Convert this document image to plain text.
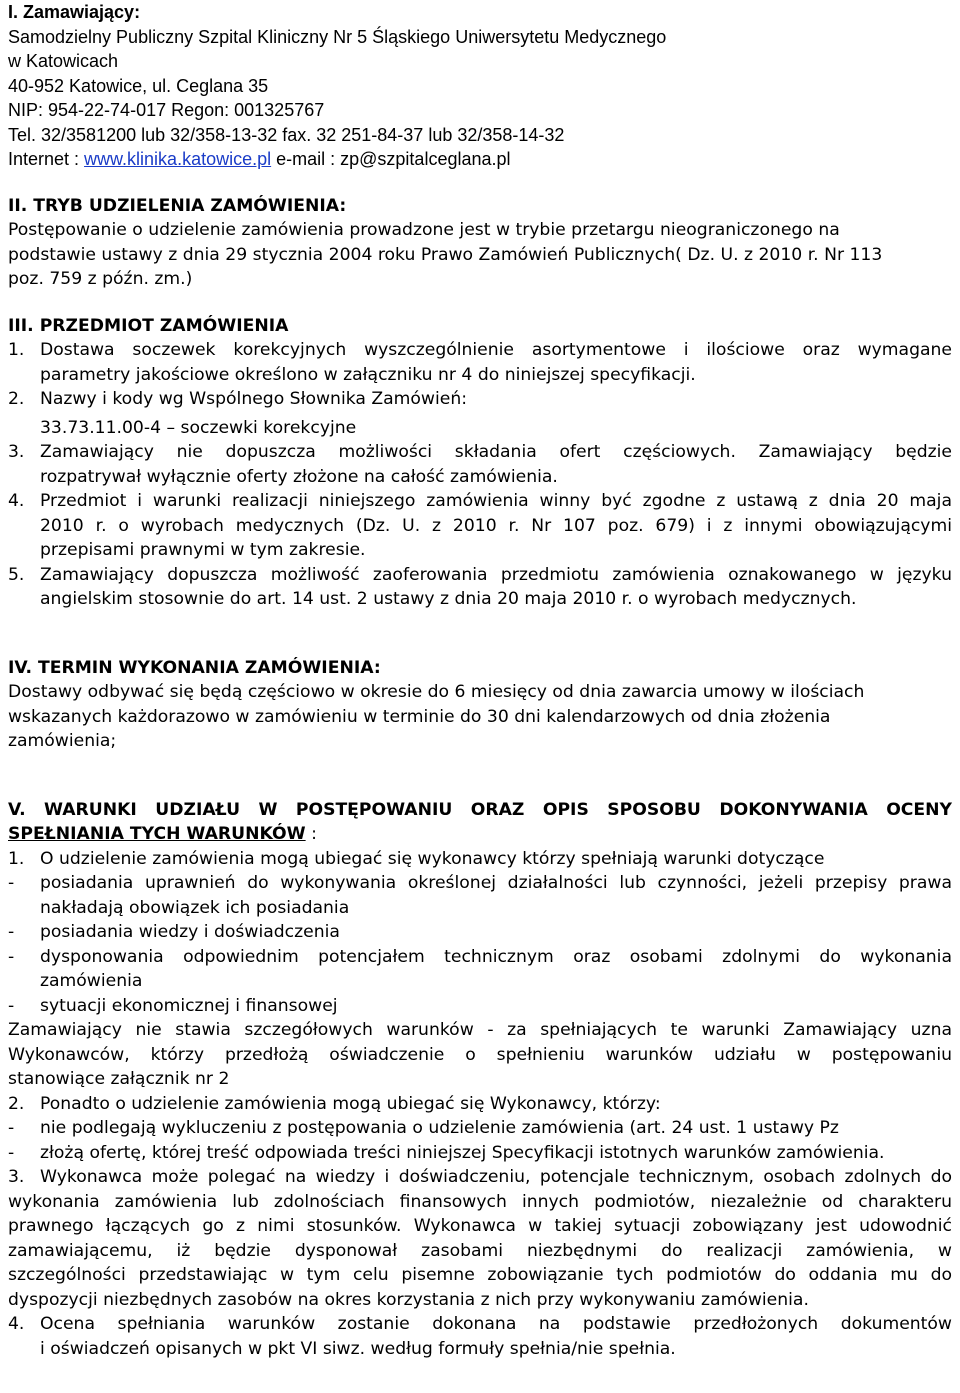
I. Zamawiający:

Samodzielny Publiczny Szpital Kliniczny Nr 5 Śląskiego Uniwersytetu Medycznego

w Katowicach

40-952 Katowice, ul. Ceglana 35

NIP: 954-22-74-017 Regon: 001325767

Tel. 32/3581200 lub 32/358-13-32 fax. 32 251-84-37 lub 32/358-14-32

Internet : www.klinika.katowice.pl e-mail : zp@szpitalceglana.pl

II. TRYB UDZIELENIA ZAMÓWIENIA:

Postępowanie o udzielenie zamówienia prowadzone jest w trybie przetargu nieograniczonego na

podstawie ustawy z dnia 29 stycznia 2004 roku Prawo Zamówień Publicznych( Dz. U. z 2010 r. Nr 113

poz. 759 z późn. zm.)

III. PRZEDMIOT ZAMÓWIENIA

1. Dostawa soczewek korekcyjnych wyszczególnienie asortymentowe i ilościowe oraz wymagane

parametry jakościowe określono w załączniku nr 4 do niniejszej specyfikacji.

2. Nazwy i kody wg Wspólnego Słownika Zamówień:

33.73.11.00-4 – soczewki korekcyjne

3. Zamawiający nie dopuszcza możliwości składania ofert częściowych. Zamawiający będzie

rozpatrywał wyłącznie oferty złożone na całość zamówienia.

4. Przedmiot i warunki realizacji niniejszego zamówienia winny być zgodne z ustawą z dnia 20 maja

2010 r. o wyrobach medycznych (Dz. U. z 2010 r. Nr 107 poz. 679) i z innymi obowiązującymi

przepisami prawnymi w tym zakresie.

5. Zamawiający dopuszcza możliwość zaoferowania przedmiotu zamówienia oznakowanego w języku

angielskim stosownie do art. 14 ust. 2 ustawy z dnia 20 maja 2010 r. o wyrobach medycznych.

IV. TERMIN WYKONANIA ZAMÓWIENIA:

Dostawy odbywać się będą częściowo w okresie do 6 miesięcy od dnia zawarcia umowy w ilościach

wskazanych każdorazowo w zamówieniu w terminie do 30 dni kalendarzowych od dnia złożenia

zamówienia;

V. WARUNKI UDZIAŁU W POSTĘPOWANIU ORAZ OPIS SPOSOBU DOKONYWANIA OCENY

SPEŁNIANIA TYCH WARUNKÓW :

1. O udzielenie zamówienia mogą ubiegać się wykonawcy którzy spełniają warunki dotyczące

-	posiadania uprawnień do wykonywania określonej działalności lub czynności, jeżeli przepisy prawa

nakładają obowiązek ich posiadania

-	posiadania wiedzy i doświadczenia

-	dysponowania odpowiednim potencjałem technicznym oraz osobami zdolnymi do wykonania

zamówienia

-	sytuacji ekonomicznej i finansowej

Zamawiający nie stawia szczegółowych warunków - za spełniających te warunki Zamawiający uzna

Wykonawców, którzy przedłożą oświadczenie o spełnieniu warunków udziału w postępowaniu

stanowiące załącznik nr 2

2. Ponadto o udzielenie zamówienia mogą ubiegać się Wykonawcy, którzy:

-	nie podlegają wykluczeniu z postępowania o udzielenie zamówienia (art. 24 ust. 1 ustawy Pz

-	złożą ofertę, której treść odpowiada treści niniejszej Specyfikacji istotnych warunków zamówienia.

3. Wykonawca może polegać na wiedzy i doświadczeniu, potencjale technicznym, osobach zdolnych do

wykonania zamówienia lub zdolnościach finansowych innych podmiotów, niezależnie od charakteru

prawnego łączących go z nimi stosunków. Wykonawca w takiej sytuacji zobowiązany jest udowodnić

zamawiającemu, iż będzie dysponował zasobami niezbędnymi do realizacji zamówienia, w

szczególności przedstawiając w tym celu pisemne zobowiązanie tych podmiotów do oddania mu do

dyspozycji niezbędnych zasobów na okres korzystania z nich przy wykonywaniu zamówienia.

4. Ocena spełniania warunków zostanie dokonana na podstawie przedłożonych dokumentów

i oświadczeń opisanych w pkt VI siwz. według formuły spełnia/nie spełnia.
